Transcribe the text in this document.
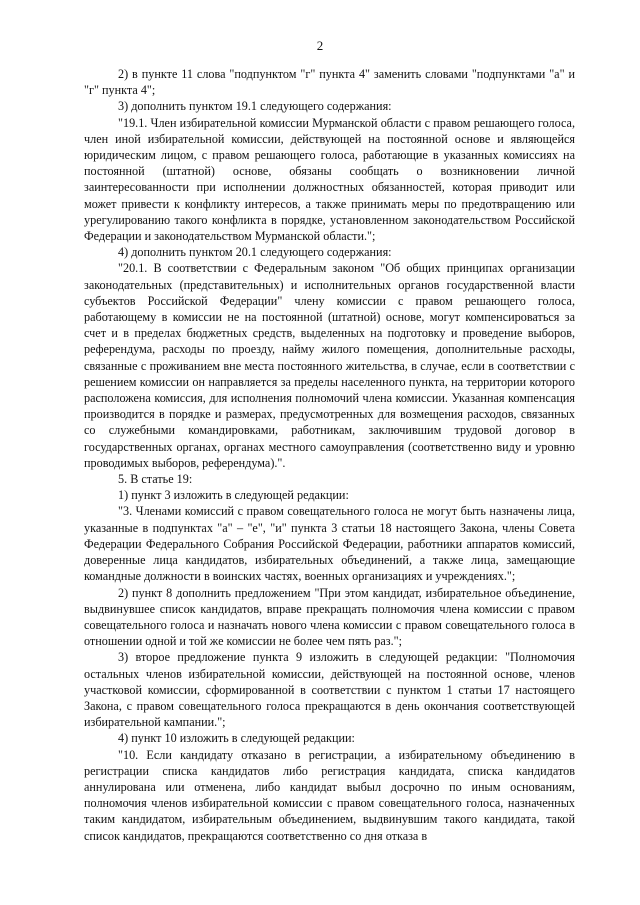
2

2) в пункте 11 слова "подпунктом "г" пункта 4" заменить словами "подпунктами "а" и "г" пункта 4";

3) дополнить пунктом 19.1 следующего содержания:

"19.1. Член избирательной комиссии Мурманской области с правом решающего голоса, член иной избирательной комиссии, действующей на постоянной основе и являющейся юридическим лицом, с правом решающего голоса, работающие в указанных комиссиях на постоянной (штатной) основе, обязаны сообщать о возникновении личной заинтересованности при исполнении должностных обязанностей, которая приводит или может привести к конфликту интересов, а также принимать меры по предотвращению или урегулированию такого конфликта в порядке, установленном законодательством Российской Федерации и законодательством Мурманской области.";

4) дополнить пунктом 20.1 следующего содержания:

"20.1. В соответствии с Федеральным законом "Об общих принципах организации законодательных (представительных) и исполнительных органов государственной власти субъектов Российской Федерации" члену комиссии с правом решающего голоса, работающему в комиссии не на постоянной (штатной) основе, могут компенсироваться за счет и в пределах бюджетных средств, выделенных на подготовку и проведение выборов, референдума, расходы по проезду, найму жилого помещения, дополнительные расходы, связанные с проживанием вне места постоянного жительства, в случае, если в соответствии с решением комиссии он направляется за пределы населенного пункта, на территории которого расположена комиссия, для исполнения полномочий члена комиссии. Указанная компенсация производится в порядке и размерах, предусмотренных для возмещения расходов, связанных со служебными командировками, работникам, заключившим трудовой договор в государственных органах, органах местного самоуправления (соответственно виду и уровню проводимых выборов, референдума).".

5. В статье 19:

1) пункт 3 изложить в следующей редакции:

"3. Членами комиссий с правом совещательного голоса не могут быть назначены лица, указанные в подпунктах "а" – "е", "и" пункта 3 статьи 18 настоящего Закона, члены Совета Федерации Федерального Собрания Российской Федерации, работники аппаратов комиссий, доверенные лица кандидатов, избирательных объединений, а также лица, замещающие командные должности в воинских частях, военных организациях и учреждениях.";

2) пункт 8 дополнить предложением "При этом кандидат, избирательное объединение, выдвинувшее список кандидатов, вправе прекращать полномочия члена комиссии с правом совещательного голоса и назначать нового члена комиссии с правом совещательного голоса в отношении одной и той же комиссии не более чем пять раз.";

3) второе предложение пункта 9 изложить в следующей редакции: "Полномочия остальных членов избирательной комиссии, действующей на постоянной основе, членов участковой комиссии, сформированной в соответствии с пунктом 1 статьи 17 настоящего Закона, с правом совещательного голоса прекращаются в день окончания соответствующей избирательной кампании.";

4) пункт 10 изложить в следующей редакции:

"10. Если кандидату отказано в регистрации, а избирательному объединению в регистрации списка кандидатов либо регистрация кандидата, списка кандидатов аннулирована или отменена, либо кандидат выбыл досрочно по иным основаниям, полномочия членов избирательной комиссии с правом совещательного голоса, назначенных таким кандидатом, избирательным объединением, выдвинувшим такого кандидата, такой список кандидатов, прекращаются соответственно со дня отказа в
